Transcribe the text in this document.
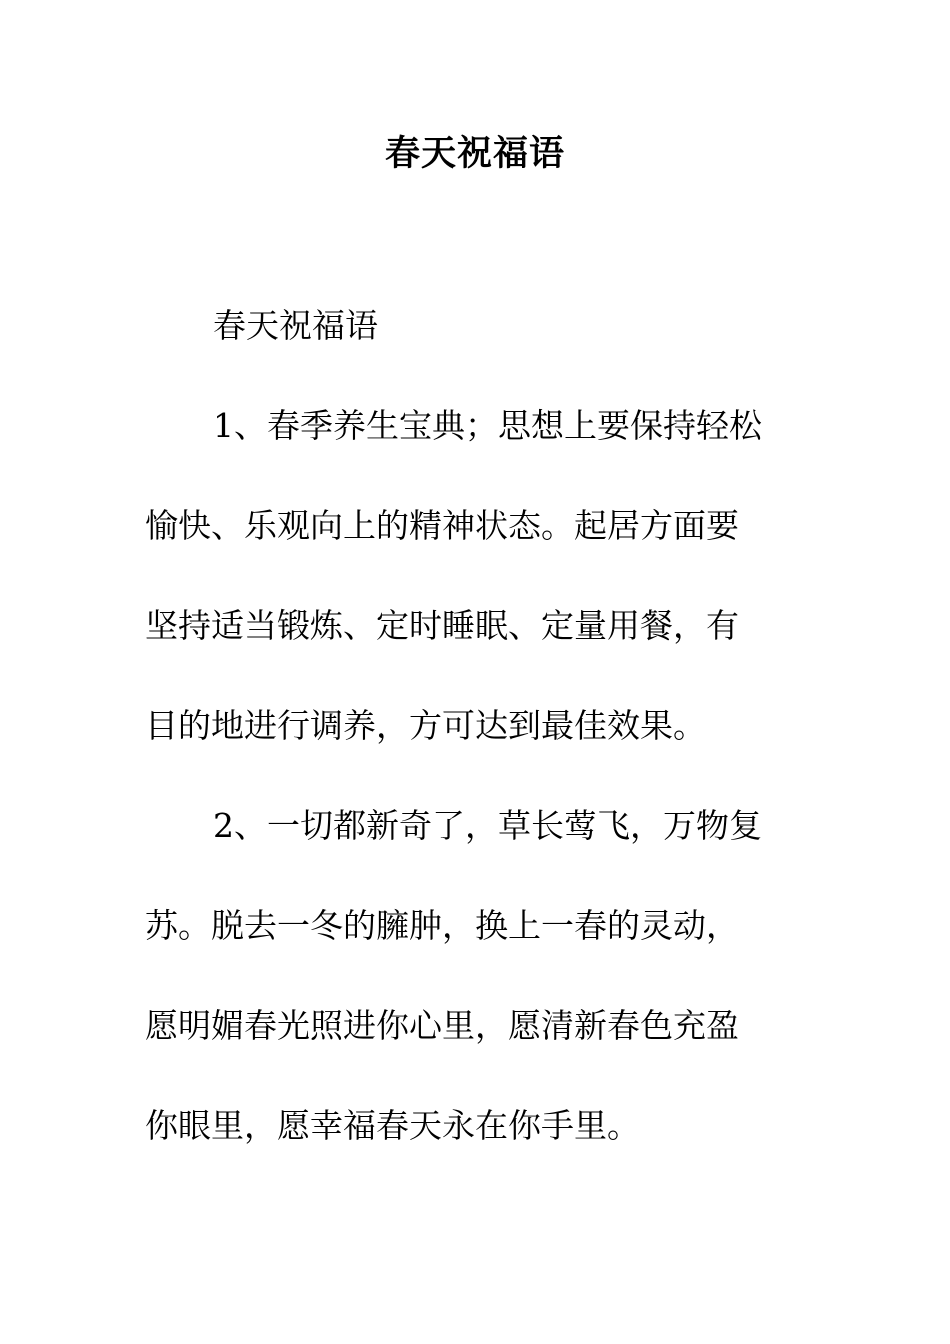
春天祝福语
春天祝福语
1、春季养生宝典；思想上要保持轻松
愉快、乐观向上的精神状态。起居方面要
坚持适当锻炼、定时睡眠、定量用餐，有
目的地进行调养，方可达到最佳效果。
2、一切都新奇了，草长莺飞，万物复
苏。脱去一冬的臃肿，换上一春的灵动，
愿明媚春光照进你心里，愿清新春色充盈
你眼里，愿幸福春天永在你手里。
